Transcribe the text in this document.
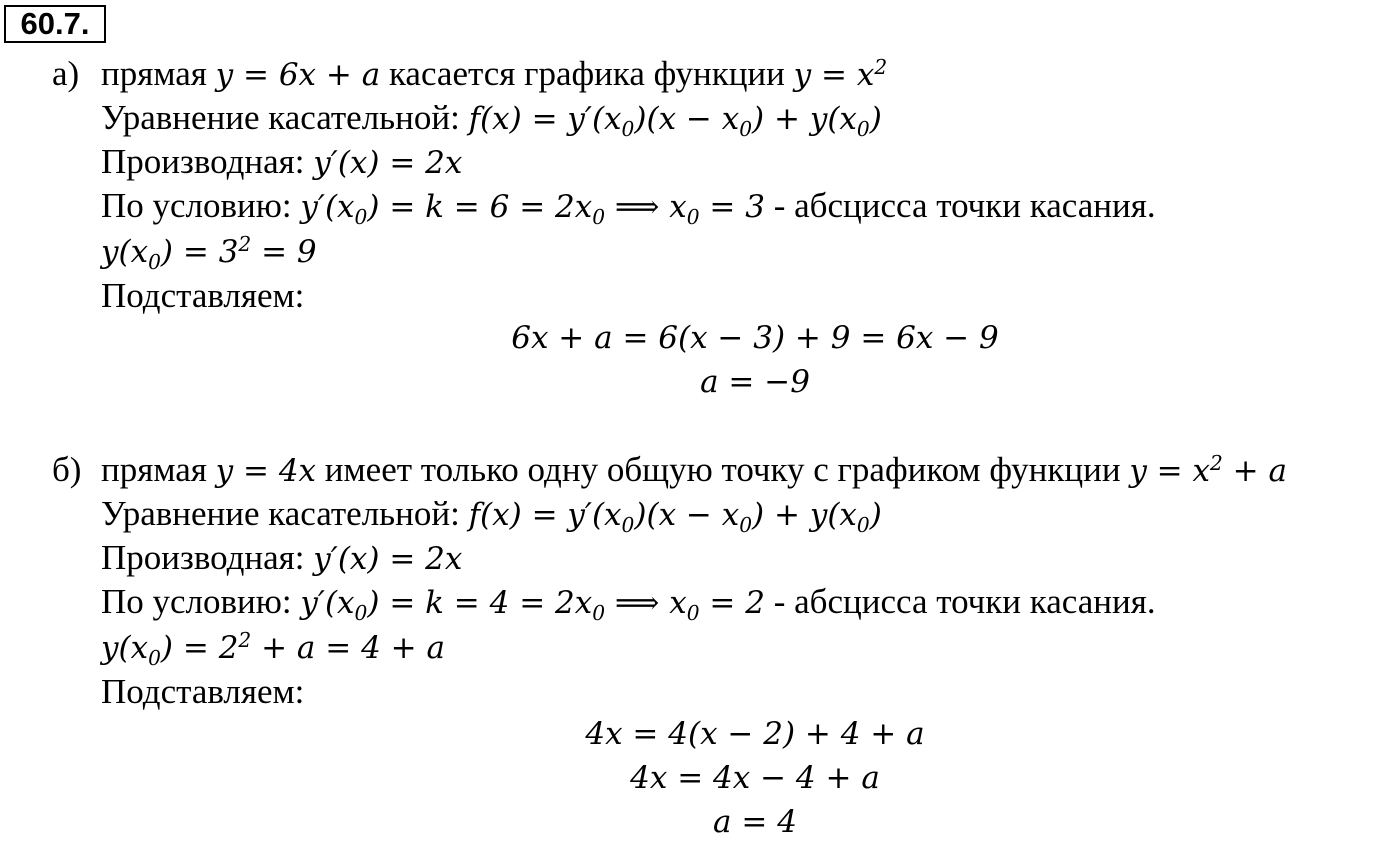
60.7.
а) прямая y = 6x + a касается графика функции $y = x^2$
Уравнение касательной: $f(x) = y'(x_0)(x - x_0) + y(x_0)$
Производная: y′(x) = 2x
По условию: $y'(x_0) = k = 6 = 2x_0$ ⟹ $x_0 = 3$ - абсцисса точки касания.
$y(x_0) = 3^2 = 9$
Подставляем:
6x + a = 6(x − 3) + 9 = 6x − 9
a = −9
б) прямая y = 4x имеет только одну общую точку с графиком функции $y = x^2 + a$
Уравнение касательной: $f(x) = y'(x_0)(x - x_0) + y(x_0)$
Производная: y′(x) = 2x
По условию: $y'(x_0) = k = 4 = 2x_0$ ⟹ $x_0 = 2$ - абсцисса точки касания.
$y(x_0) = 2^2 + a = 4 + a$
Подставляем:
4x = 4(x − 2) + 4 + a
4x = 4x − 4 + a
a = 4
